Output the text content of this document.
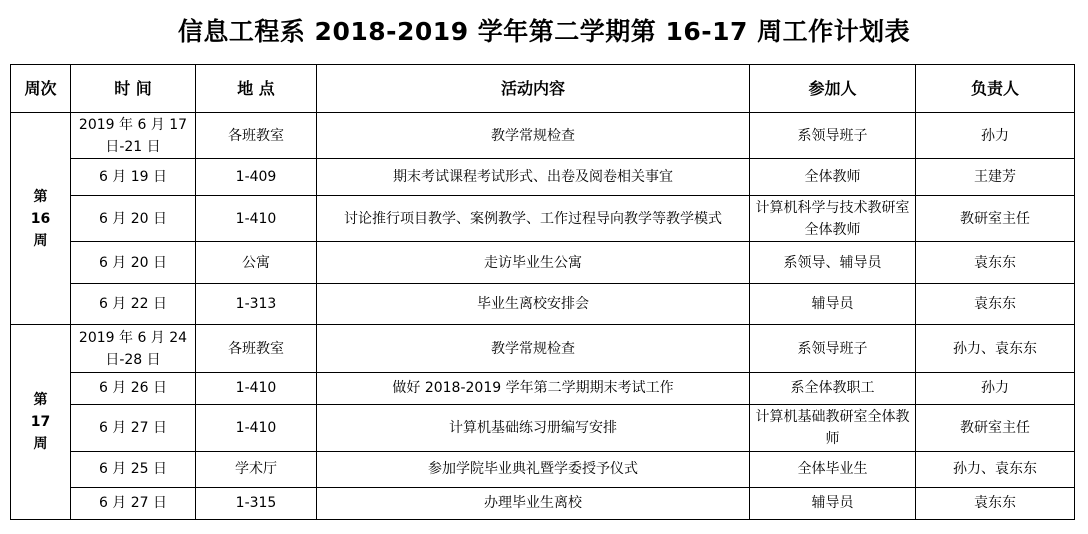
信息工程系 2018-2019 学年第二学期第 16-17 周工作计划表
周次	时 间	地 点	活动内容	参加人	负责人

第
16
周	2019 年 6 月 17 日-21 日	各班教室	教学常规检查	系领导班子	孙力
	6 月 19 日	1-409	期末考试课程考试形式、出卷及阅卷相关事宜	全体教师	王建芳
	6 月 20 日	1-410	讨论推行项目教学、案例教学、工作过程导向教学等教学模式	计算机科学与技术教研室全体教师	教研室主任
	6 月 20 日	公寓	走访毕业生公寓	系领导、辅导员	袁东东
	6 月 22 日	1-313	毕业生离校安排会	辅导员	袁东东

第
17
周	2019 年 6 月 24 日-28 日	各班教室	教学常规检查	系领导班子	孙力、袁东东
	6 月 26 日	1-410	做好 2018-2019 学年第二学期期末考试工作	系全体教职工	孙力
	6 月 27 日	1-410	计算机基础练习册编写安排	计算机基础教研室全体教师	教研室主任
	6 月 25 日	学术厅	参加学院毕业典礼暨学委授予仪式	全体毕业生	孙力、袁东东
	6 月 27 日	1-315	办理毕业生离校	辅导员	袁东东
